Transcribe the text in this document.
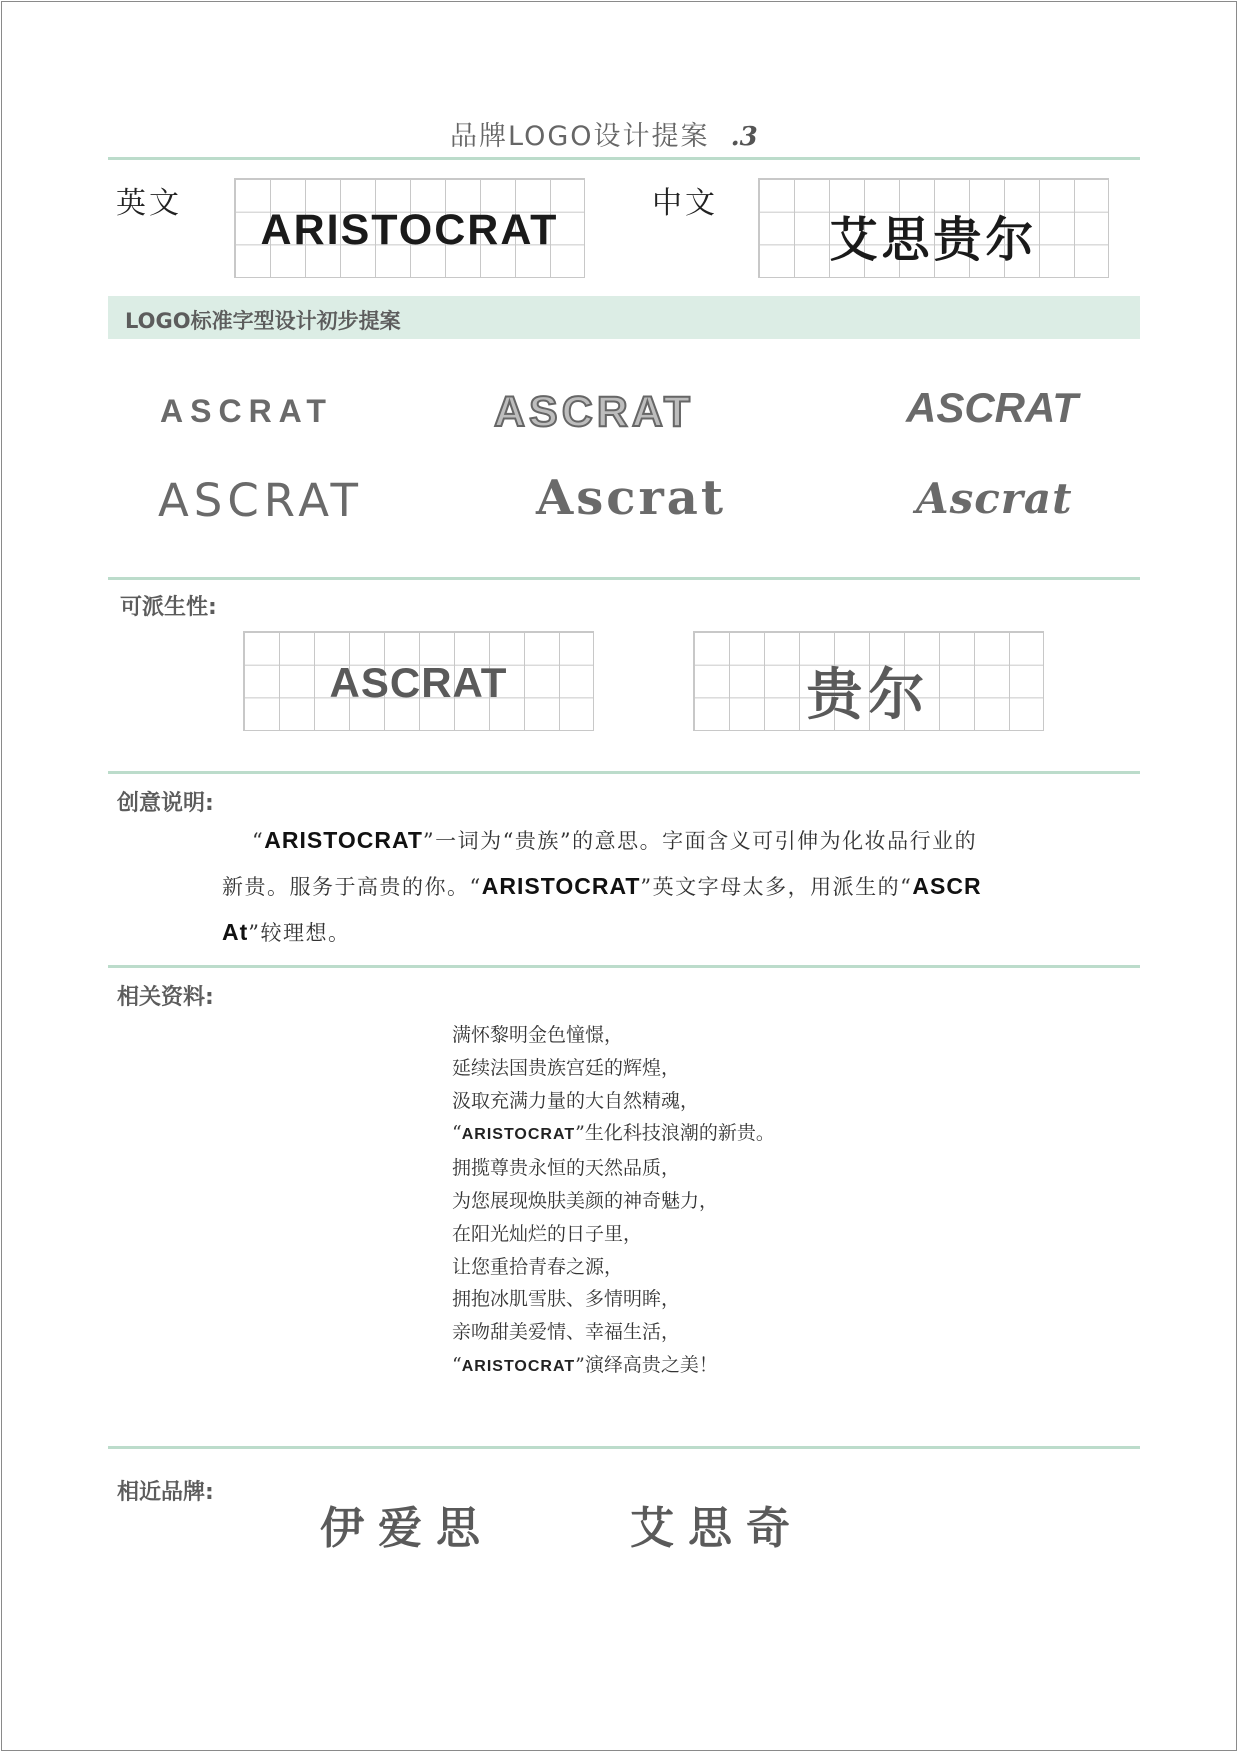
品牌LOGO设计提案 .3
英文
ARISTOCRAT
中文
艾思贵尔
LOGO标准字型设计初步提案
ASCRAT	ASCRAT	ASCRAT
ASCRAT	Ascrat	Ascrat
可派生性:
ASCRAT	贵尔
创意说明:
“ARISTOCRAT”一词为“贵族”的意思。字面含义可引伸为化妆品行业的
新贵。服务于高贵的你。“ARISTOCRAT”英文字母太多，用派生的“ASCR
At”较理想。
相关资料:
满怀黎明金色憧憬，
延续法国贵族宫廷的辉煌，
汲取充满力量的大自然精魂，
“ARISTOCRAT”生化科技浪潮的新贵。
拥揽尊贵永恒的天然品质，
为您展现焕肤美颜的神奇魅力，
在阳光灿烂的日子里，
让您重拾青春之源，
拥抱冰肌雪肤、多情明眸，
亲吻甜美爱情、幸福生活，
“ARISTOCRAT”演绎高贵之美！
相近品牌:
伊爱思	艾思奇
